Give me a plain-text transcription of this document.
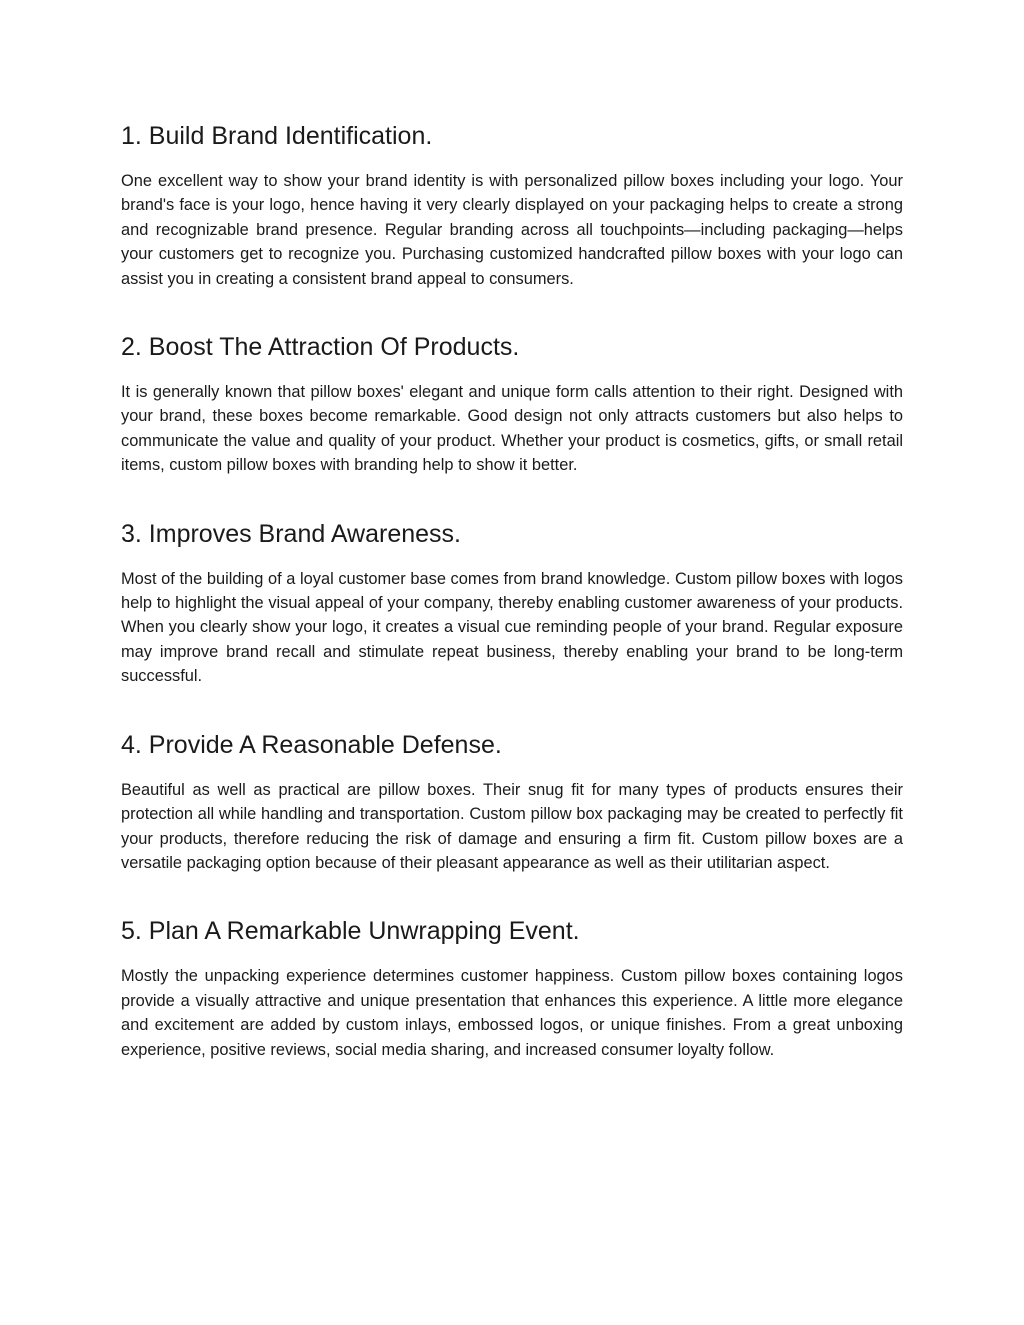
1. Build Brand Identification.

One excellent way to show your brand identity is with personalized pillow boxes including your logo. Your brand's face is your logo, hence having it very clearly displayed on your packaging helps to create a strong and recognizable brand presence. Regular branding across all touchpoints—including packaging—helps your customers get to recognize you. Purchasing customized handcrafted pillow boxes with your logo can assist you in creating a consistent brand appeal to consumers.

2. Boost The Attraction Of Products.

It is generally known that pillow boxes' elegant and unique form calls attention to their right. Designed with your brand, these boxes become remarkable. Good design not only attracts customers but also helps to communicate the value and quality of your product. Whether your product is cosmetics, gifts, or small retail items, custom pillow boxes with branding help to show it better.

3. Improves Brand Awareness.

Most of the building of a loyal customer base comes from brand knowledge. Custom pillow boxes with logos help to highlight the visual appeal of your company, thereby enabling customer awareness of your products. When you clearly show your logo, it creates a visual cue reminding people of your brand. Regular exposure may improve brand recall and stimulate repeat business, thereby enabling your brand to be long-term successful.

4. Provide A Reasonable Defense.

Beautiful as well as practical are pillow boxes. Their snug fit for many types of products ensures their protection all while handling and transportation. Custom pillow box packaging may be created to perfectly fit your products, therefore reducing the risk of damage and ensuring a firm fit. Custom pillow boxes are a versatile packaging option because of their pleasant appearance as well as their utilitarian aspect.

5. Plan A Remarkable Unwrapping Event.

Mostly the unpacking experience determines customer happiness. Custom pillow boxes containing logos provide a visually attractive and unique presentation that enhances this experience. A little more elegance and excitement are added by custom inlays, embossed logos, or unique finishes. From a great unboxing experience, positive reviews, social media sharing, and increased consumer loyalty follow.
